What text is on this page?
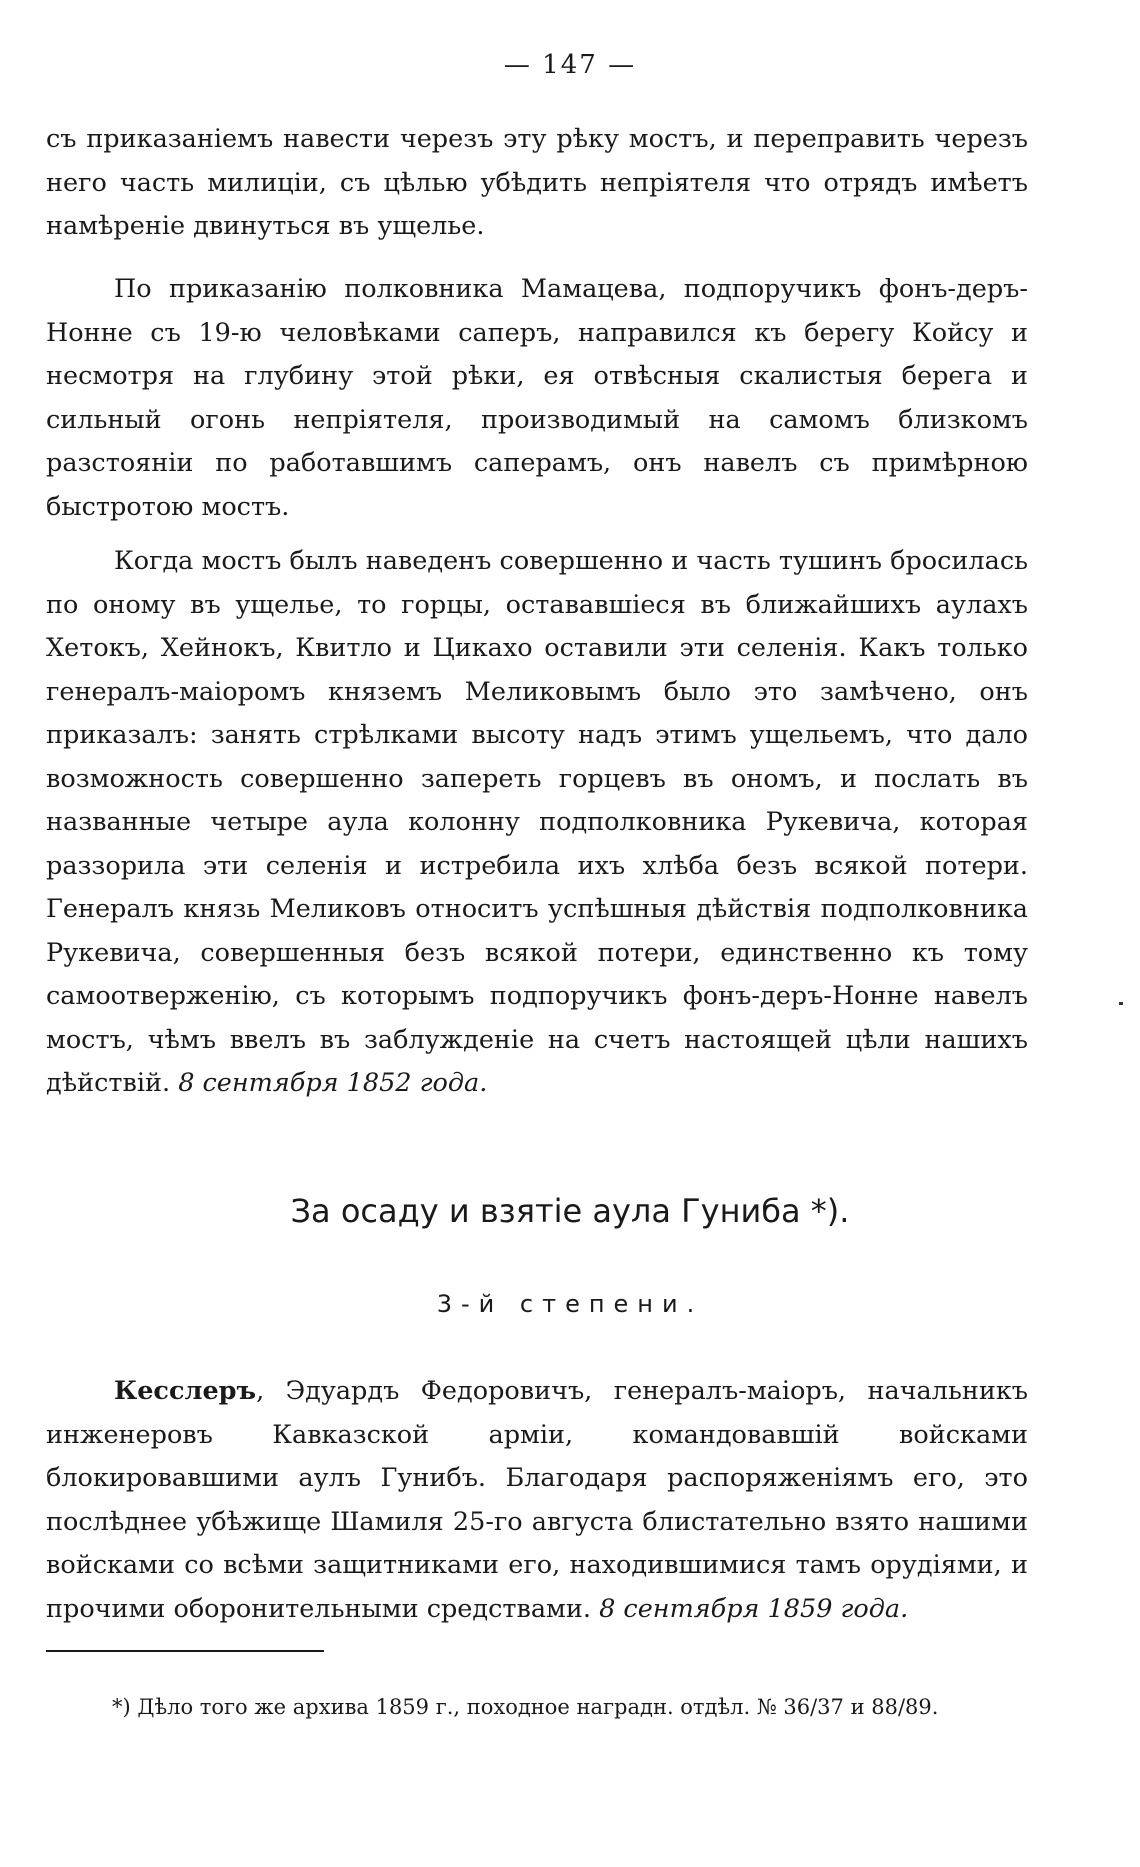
— 147 —
съ приказаніемъ навести черезъ эту рѣку мостъ, и переправить черезъ него часть милиціи, съ цѣлью убѣдить непріятеля что отрядъ имѣетъ намѣреніе двинуться въ ущелье.
По приказанію полковника Мамацева, подпоручикъ фонъ-деръ-Нонне съ 19-ю человѣками саперъ, направился къ берегу Койсу и несмотря на глубину этой рѣки, ея отвѣсныя скалистыя берега и сильный огонь непріятеля, производимый на самомъ близкомъ разстояніи по работавшимъ саперамъ, онъ навелъ съ примѣрною быстротою мостъ.
Когда мостъ былъ наведенъ совершенно и часть тушинъ бросилась по оному въ ущелье, то горцы, остававшіеся въ ближайшихъ аулахъ Хетокъ, Хейнокъ, Квитло и Цикахо оставили эти селенія. Какъ только генералъ-маіоромъ княземъ Меликовымъ было это замѣчено, онъ приказалъ: занять стрѣлками высоту надъ этимъ ущельемъ, что дало возможность совершенно запереть горцевъ въ ономъ, и послать въ названные четыре аула колонну подполковника Рукевича, которая раззорила эти селенія и истребила ихъ хлѣба безъ всякой потери. Генералъ князь Меликовъ относитъ успѣшныя дѣйствія подполковника Рукевича, совершенныя безъ всякой потери, единственно къ тому самоотверженію, съ которымъ подпоручикъ фонъ-деръ-Нонне навелъ мостъ, чѣмъ ввелъ въ заблужденіе на счетъ настоящей цѣли нашихъ дѣйствій. 8 сентября 1852 года.
За осаду и взятіе аула Гуниба *).
3-й степени.
Кесслеръ, Эдуардъ Федоровичъ, генералъ-маіоръ, начальникъ инженеровъ Кавказской арміи, командовавшій войсками блокировавшими аулъ Гунибъ. Благодаря распоряженіямъ его, это послѣднее убѣжище Шамиля 25-го августа блистательно взято нашими войсками со всѣми защитниками его, находившимися тамъ орудіями, и прочими оборонительными средствами. 8 сентября 1859 года.
*) Дѣло того же архива 1859 г., походное наградн. отдѣл. № 36/37 и 88/89.
